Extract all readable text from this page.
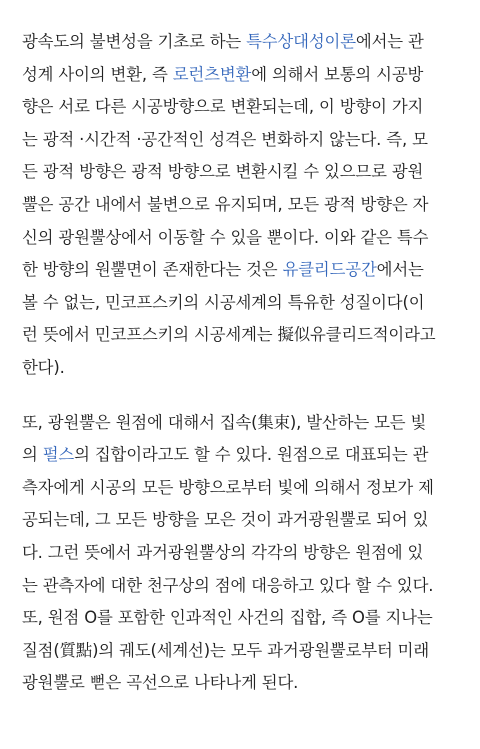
광속도의 불변성을 기초로 하는 특수상대성이론에서는 관
성계 사이의 변환, 즉 로런츠변환에 의해서 보통의 시공방
향은 서로 다른 시공방향으로 변환되는데, 이 방향이 가지
는 광적 ·시간적 ·공간적인 성격은 변화하지 않는다. 즉, 모
든 광적 방향은 광적 방향으로 변환시킬 수 있으므로 광원
뿔은 공간 내에서 불변으로 유지되며, 모든 광적 방향은 자
신의 광원뿔상에서 이동할 수 있을 뿐이다. 이와 같은 특수
한 방향의 원뿔면이 존재한다는 것은 유클리드공간에서는
볼 수 없는, 민코프스키의 시공세계의 특유한 성질이다(이
런 뜻에서 민코프스키의 시공세계는 擬似유클리드적이라고
한다).

또, 광원뿔은 원점에 대해서 집속(集束), 발산하는 모든 빛
의 펄스의 집합이라고도 할 수 있다. 원점으로 대표되는 관
측자에게 시공의 모든 방향으로부터 빛에 의해서 정보가 제
공되는데, 그 모든 방향을 모은 것이 과거광원뿔로 되어 있
다. 그런 뜻에서 과거광원뿔상의 각각의 방향은 원점에 있
는 관측자에 대한 천구상의 점에 대응하고 있다 할 수 있다.
또, 원점 O를 포함한 인과적인 사건의 집합, 즉 O를 지나는
질점(質點)의 궤도(세계선)는 모두 과거광원뿔로부터 미래
광원뿔로 뻗은 곡선으로 나타나게 된다.
